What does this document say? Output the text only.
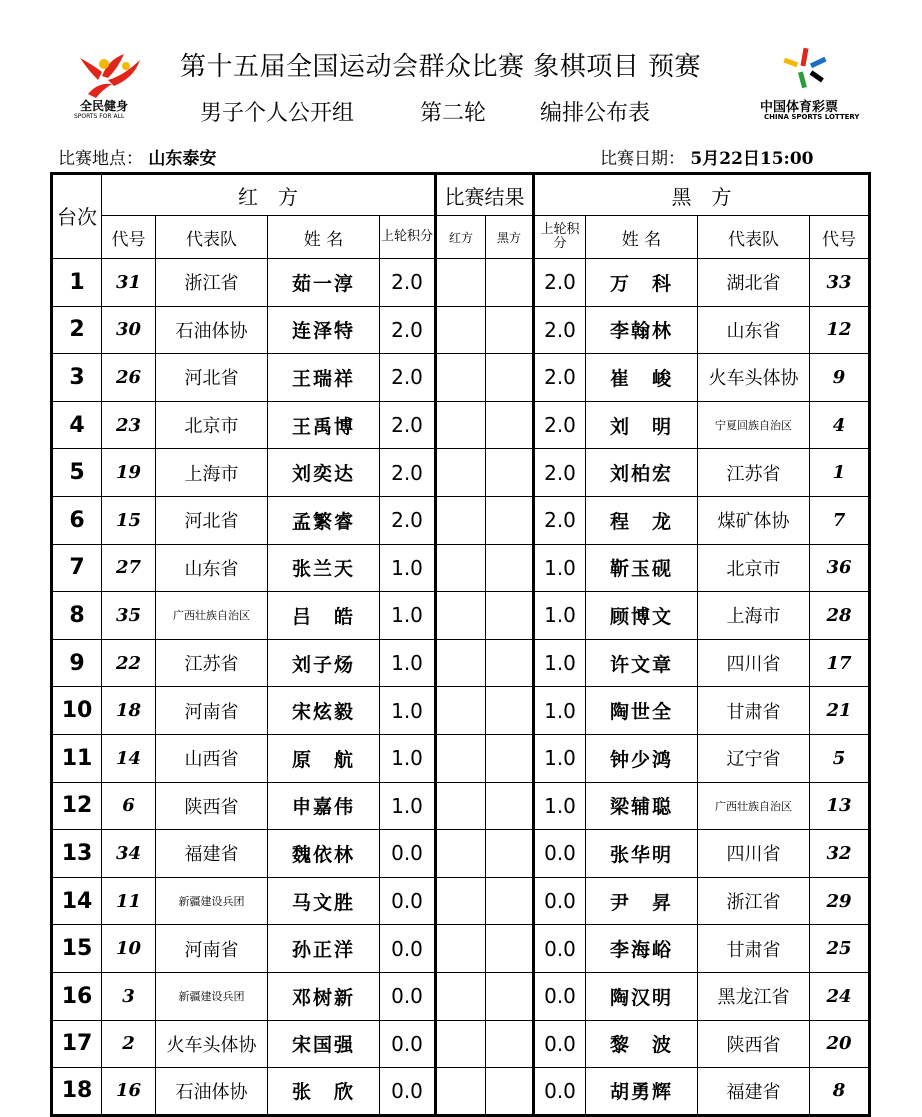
全民健身
SPORTS FOR ALL
中国体育彩票
CHINA SPORTS LOTTERY
第十五届全国运动会群众比赛 象棋项目 预赛
男子个人公开组	第二轮 编排公布表
比赛地点： 山东泰安	比赛日期： 5月22日15:00
台次	红　方				比赛结果		黑　方			
	代号	代表队	姓 名	上轮积分	红方	黑方	上轮积分	姓 名	代表队	代号
1	31	浙江省	茹一淳	2.0			2.0	万　科	湖北省	33
2	30	石油体协	连泽特	2.0			2.0	李翰林	山东省	12
3	26	河北省	王瑞祥	2.0			2.0	崔　峻	火车头体协	9
4	23	北京市	王禹博	2.0			2.0	刘　明	宁夏回族自治区	4
5	19	上海市	刘奕达	2.0			2.0	刘柏宏	江苏省	1
6	15	河北省	孟繁睿	2.0			2.0	程　龙	煤矿体协	7
7	27	山东省	张兰天	1.0			1.0	靳玉砚	北京市	36
8	35	广西壮族自治区	吕　皓	1.0			1.0	顾博文	上海市	28
9	22	江苏省	刘子炀	1.0			1.0	许文章	四川省	17
10	18	河南省	宋炫毅	1.0			1.0	陶世全	甘肃省	21
11	14	山西省	原　航	1.0			1.0	钟少鸿	辽宁省	5
12	6	陕西省	申嘉伟	1.0			1.0	梁辅聪	广西壮族自治区	13
13	34	福建省	魏依林	0.0			0.0	张华明	四川省	32
14	11	新疆建设兵团	马文胜	0.0			0.0	尹　昇	浙江省	29
15	10	河南省	孙正洋	0.0			0.0	李海峪	甘肃省	25
16	3	新疆建设兵团	邓树新	0.0			0.0	陶汉明	黑龙江省	24
17	2	火车头体协	宋国强	0.0			0.0	黎　波	陕西省	20
18	16	石油体协	张　欣	0.0			0.0	胡勇辉	福建省	8
